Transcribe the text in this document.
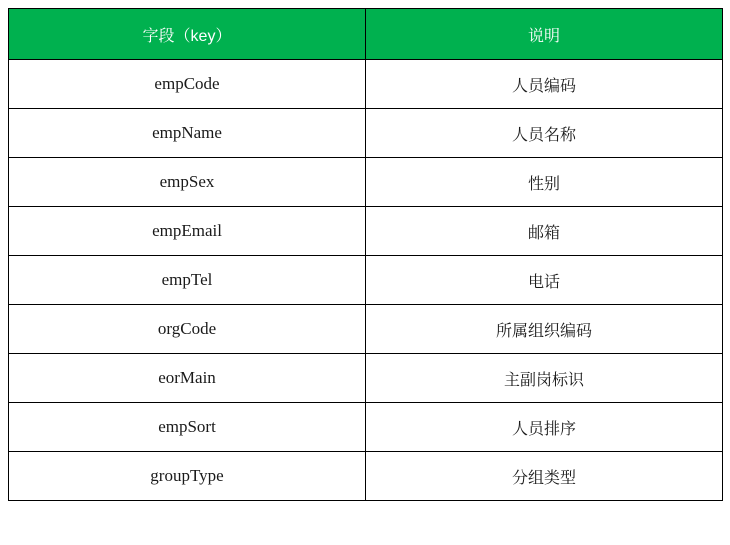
字段（key）	说明
empCode	人员编码
empName	人员名称
empSex	性别
empEmail	邮箱
empTel	电话
orgCode	所属组织编码
eorMain	主副岗标识
empSort	人员排序
groupType	分组类型
